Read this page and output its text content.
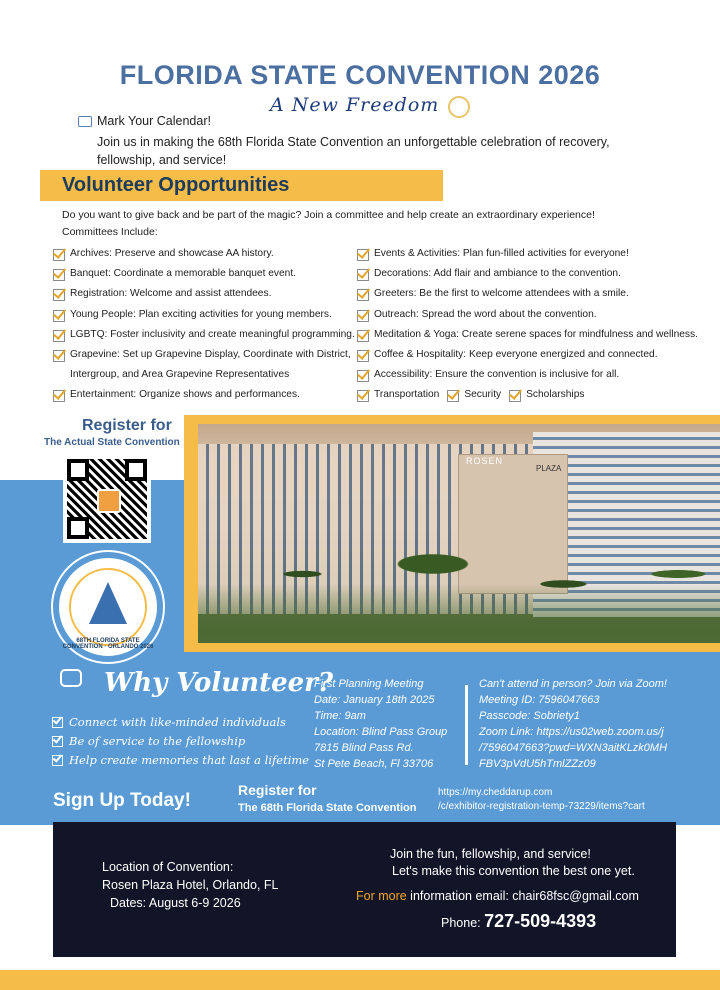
FLORIDA STATE CONVENTION 2026
A New Freedom
Mark Your Calendar!
Join us in making the 68th Florida State Convention an unforgettable celebration of recovery, fellowship, and service!
Volunteer Opportunities
Do you want to give back and be part of the magic? Join a committee and help create an extraordinary experience!
Committees Include:
Archives: Preserve and showcase AA history.
Banquet: Coordinate a memorable banquet event.
Registration: Welcome and assist attendees.
Young People: Plan exciting activities for young members.
LGBTQ: Foster inclusivity and create meaningful programming.
Grapevine: Set up Grapevine Display, Coordinate with District,
Intergroup, and Area Grapevine Representatives
Entertainment: Organize shows and performances.
Events & Activities: Plan fun-filled activities for everyone!
Decorations: Add flair and ambiance to the convention.
Greeters: Be the first to welcome attendees with a smile.
Outreach: Spread the word about the convention.
Meditation & Yoga: Create serene spaces for mindfulness and wellness.
Coffee & Hospitality: Keep everyone energized and connected.
Accessibility: Ensure the convention is inclusive for all.
Transportation Security Scholarships
ROSEN
PLAZA
Register for
The Actual State Convention
68TH FLORIDA STATE CONVENTION · ORLANDO 2026
Why Volunteer?
Connect with like-minded individuals
Be of service to the fellowship
Help create memories that last a lifetime
First Planning Meeting
Date: January 18th 2025
Time: 9am
Location: Blind Pass Group
7815 Blind Pass Rd.
St Pete Beach, Fl 33706
Can't attend in person? Join via Zoom!
Meeting ID: 7596047663
Passcode: Sobriety1
Zoom Link: https://us02web.zoom.us/j
/7596047663?pwd=WXN3aitKLzk0MH
FBV3pVdU5hTmlZZz09
Sign Up Today!	Register for
The 68th Florida State Convention
https://my.cheddarup.com
/c/exhibitor-registration-temp-73229/items?cart
Location of Convention:
Rosen Plaza Hotel, Orlando, FL
Dates: August 6-9 2026
Join the fun, fellowship, and service!
Let's make this convention the best one yet.
For more information email: chair68fsc@gmail.com
Phone: 727-509-4393
